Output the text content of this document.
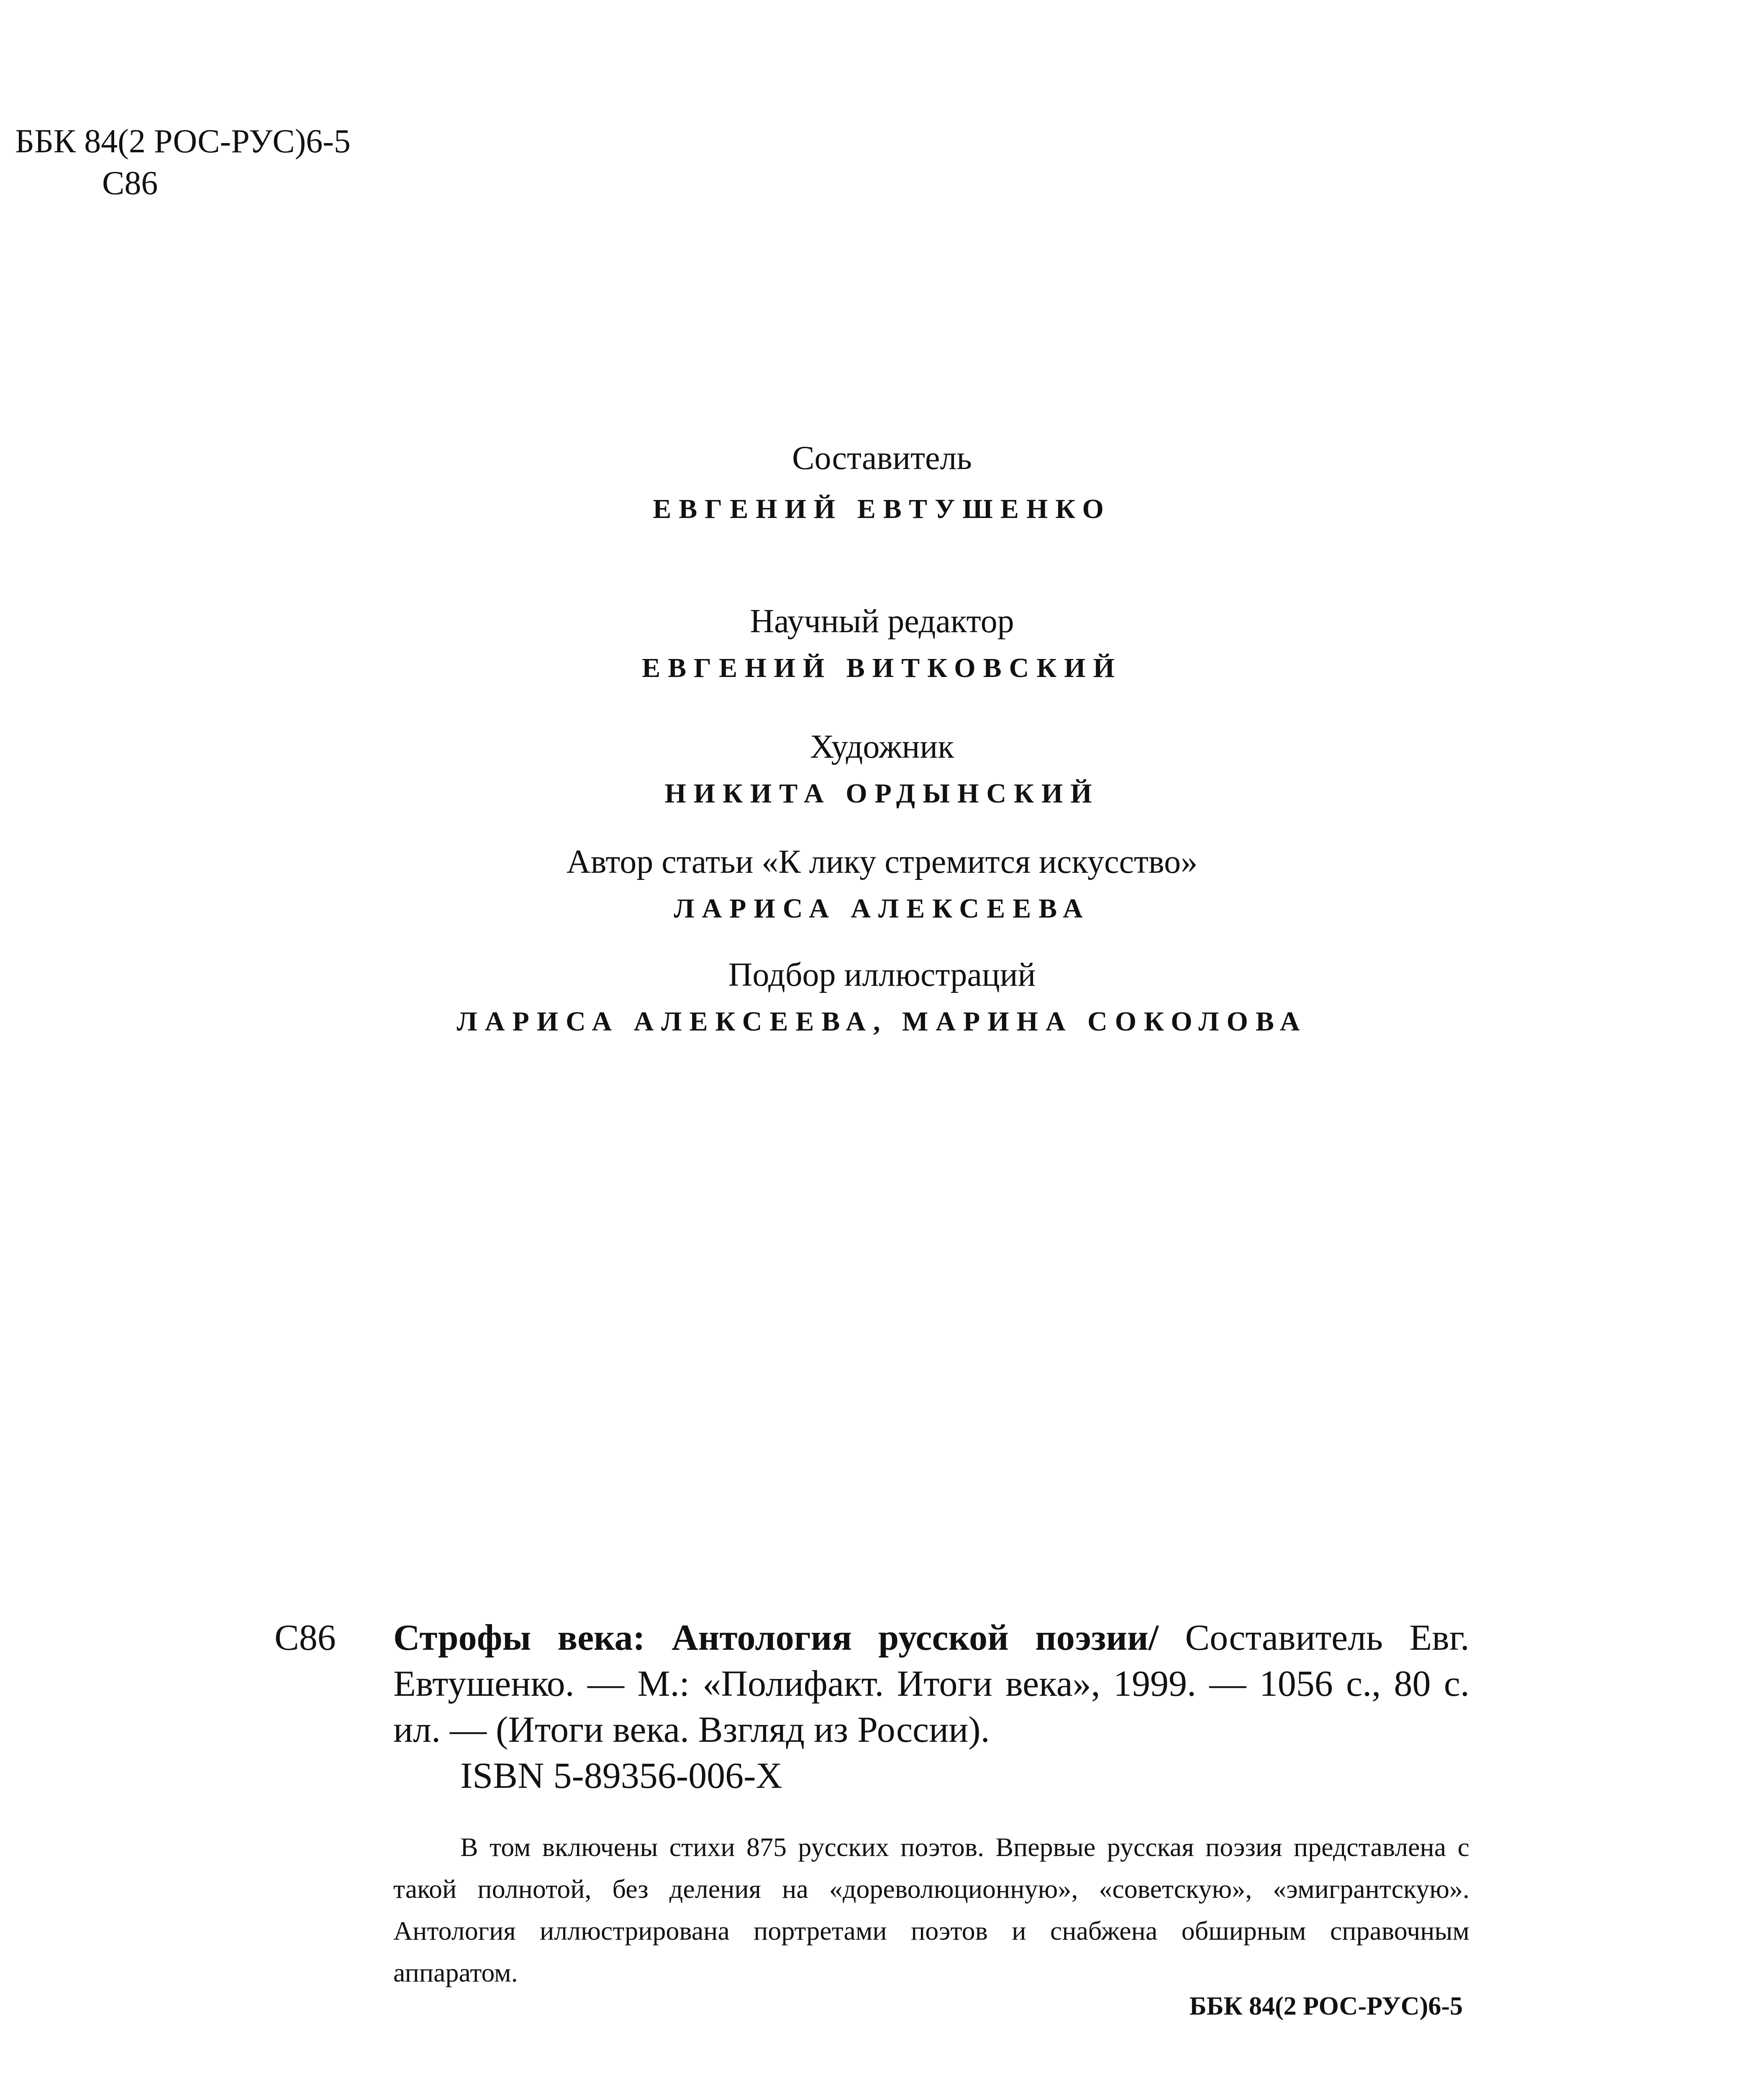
ББК 84(2 РОС-РУС)6-5
С86
Составитель
ЕВГЕНИЙ ЕВТУШЕНКО
Научный редактор
ЕВГЕНИЙ ВИТКОВСКИЙ
Художник
НИКИТА ОРДЫНСКИЙ
Автор статьи «К лику стремится искусство»
ЛАРИСА АЛЕКСЕЕВА
Подбор иллюстраций
ЛАРИСА АЛЕКСЕЕВА, МАРИНА СОКОЛОВА
С86 Строфы века: Антология русской поэзии/ Составитель Евг. Евтушенко. — М.: «Полифакт. Итоги века», 1999. — 1056 с., 80 с. ил. — (Итоги века. Взгляд из России).
ISBN 5-89356-006-X
В том включены стихи 875 русских поэтов. Впервые русская поэзия представлена с такой полнотой, без деления на «дореволюционную», «советскую», «эмигрантскую». Антология иллюстрирована портретами поэтов и снабжена обширным справочным аппаратом.
ББК 84(2 РОС-РУС)6-5
